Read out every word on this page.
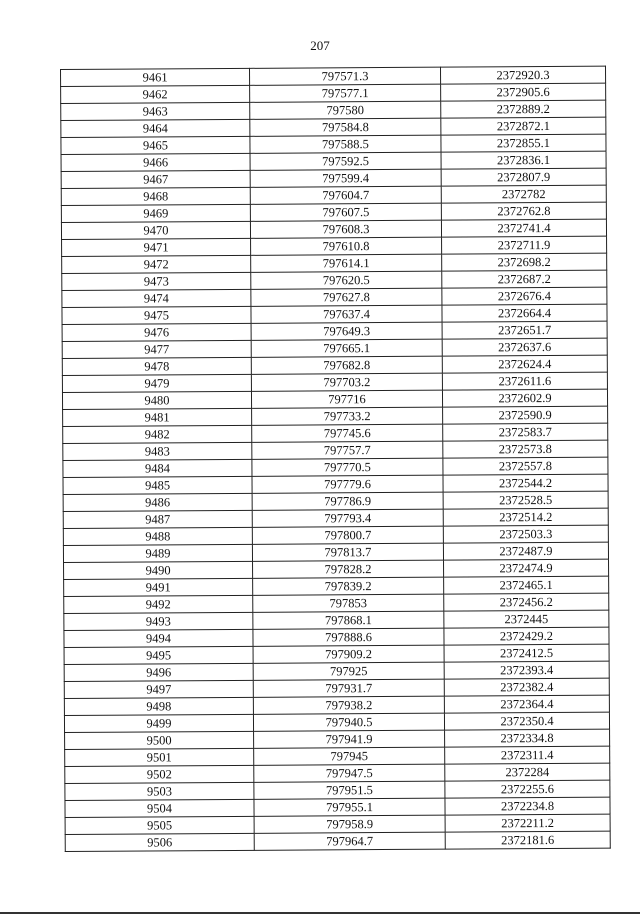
207
9461	797571.3	2372920.3
9462	797577.1	2372905.6
9463	797580	2372889.2
9464	797584.8	2372872.1
9465	797588.5	2372855.1
9466	797592.5	2372836.1
9467	797599.4	2372807.9
9468	797604.7	2372782
9469	797607.5	2372762.8
9470	797608.3	2372741.4
9471	797610.8	2372711.9
9472	797614.1	2372698.2
9473	797620.5	2372687.2
9474	797627.8	2372676.4
9475	797637.4	2372664.4
9476	797649.3	2372651.7
9477	797665.1	2372637.6
9478	797682.8	2372624.4
9479	797703.2	2372611.6
9480	797716	2372602.9
9481	797733.2	2372590.9
9482	797745.6	2372583.7
9483	797757.7	2372573.8
9484	797770.5	2372557.8
9485	797779.6	2372544.2
9486	797786.9	2372528.5
9487	797793.4	2372514.2
9488	797800.7	2372503.3
9489	797813.7	2372487.9
9490	797828.2	2372474.9
9491	797839.2	2372465.1
9492	797853	2372456.2
9493	797868.1	2372445
9494	797888.6	2372429.2
9495	797909.2	2372412.5
9496	797925	2372393.4
9497	797931.7	2372382.4
9498	797938.2	2372364.4
9499	797940.5	2372350.4
9500	797941.9	2372334.8
9501	797945	2372311.4
9502	797947.5	2372284
9503	797951.5	2372255.6
9504	797955.1	2372234.8
9505	797958.9	2372211.2
9506	797964.7	2372181.6
